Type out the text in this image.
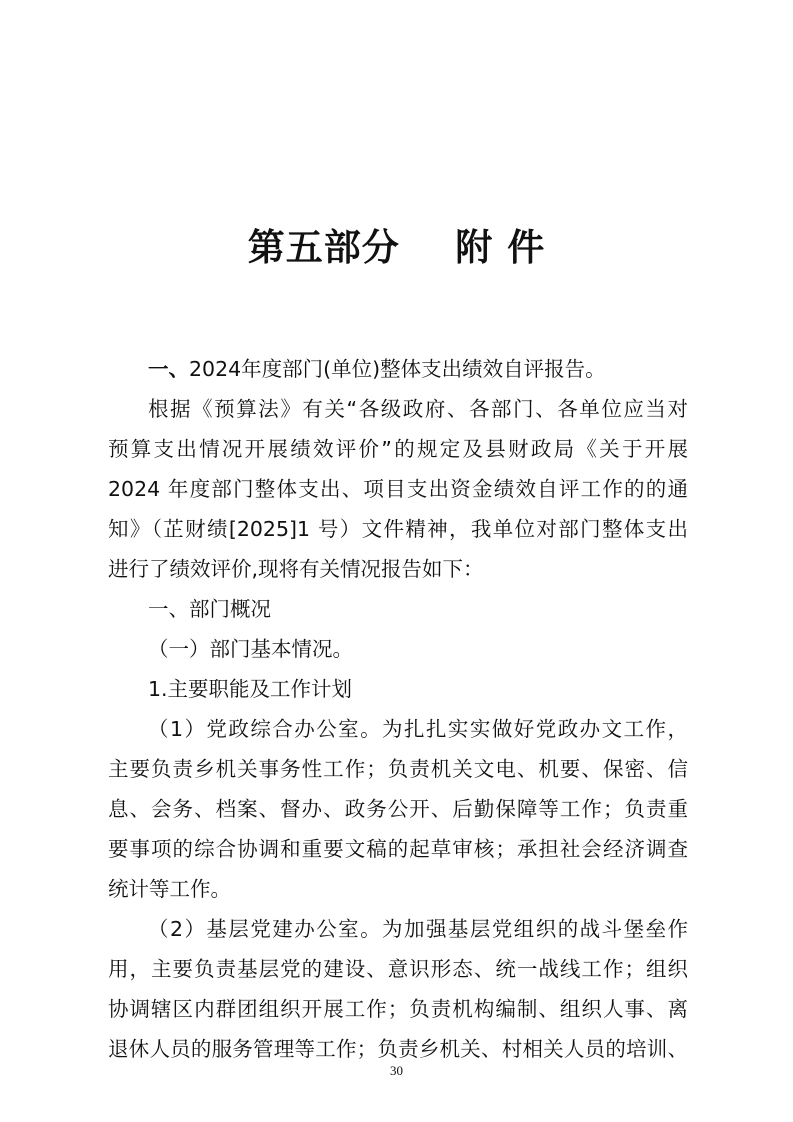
第五部分    附 件
一、2024年度部门(单位)整体支出绩效自评报告。
根据《预算法》有关“各级政府、各部门、各单位应当对
预算支出情况开展绩效评价”的规定及县财政局《关于开展
2024 年度部门整体支出、项目支出资金绩效自评工作的的通
知》（芷财绩[2025]1 号）文件精神，我单位对部门整体支出
进行了绩效评价,现将有关情况报告如下：
一、部门概况
（一）部门基本情况。
1.主要职能及工作计划
（1）党政综合办公室。为扎扎实实做好党政办文工作，
主要负责乡机关事务性工作；负责机关文电、机要、保密、信
息、会务、档案、督办、政务公开、后勤保障等工作；负责重
要事项的综合协调和重要文稿的起草审核；承担社会经济调查
统计等工作。
（2）基层党建办公室。为加强基层党组织的战斗堡垒作
用，主要负责基层党的建设、意识形态、统一战线工作；组织
协调辖区内群团组织开展工作；负责机构编制、组织人事、离
退休人员的服务管理等工作；负责乡机关、村相关人员的培训、
30
